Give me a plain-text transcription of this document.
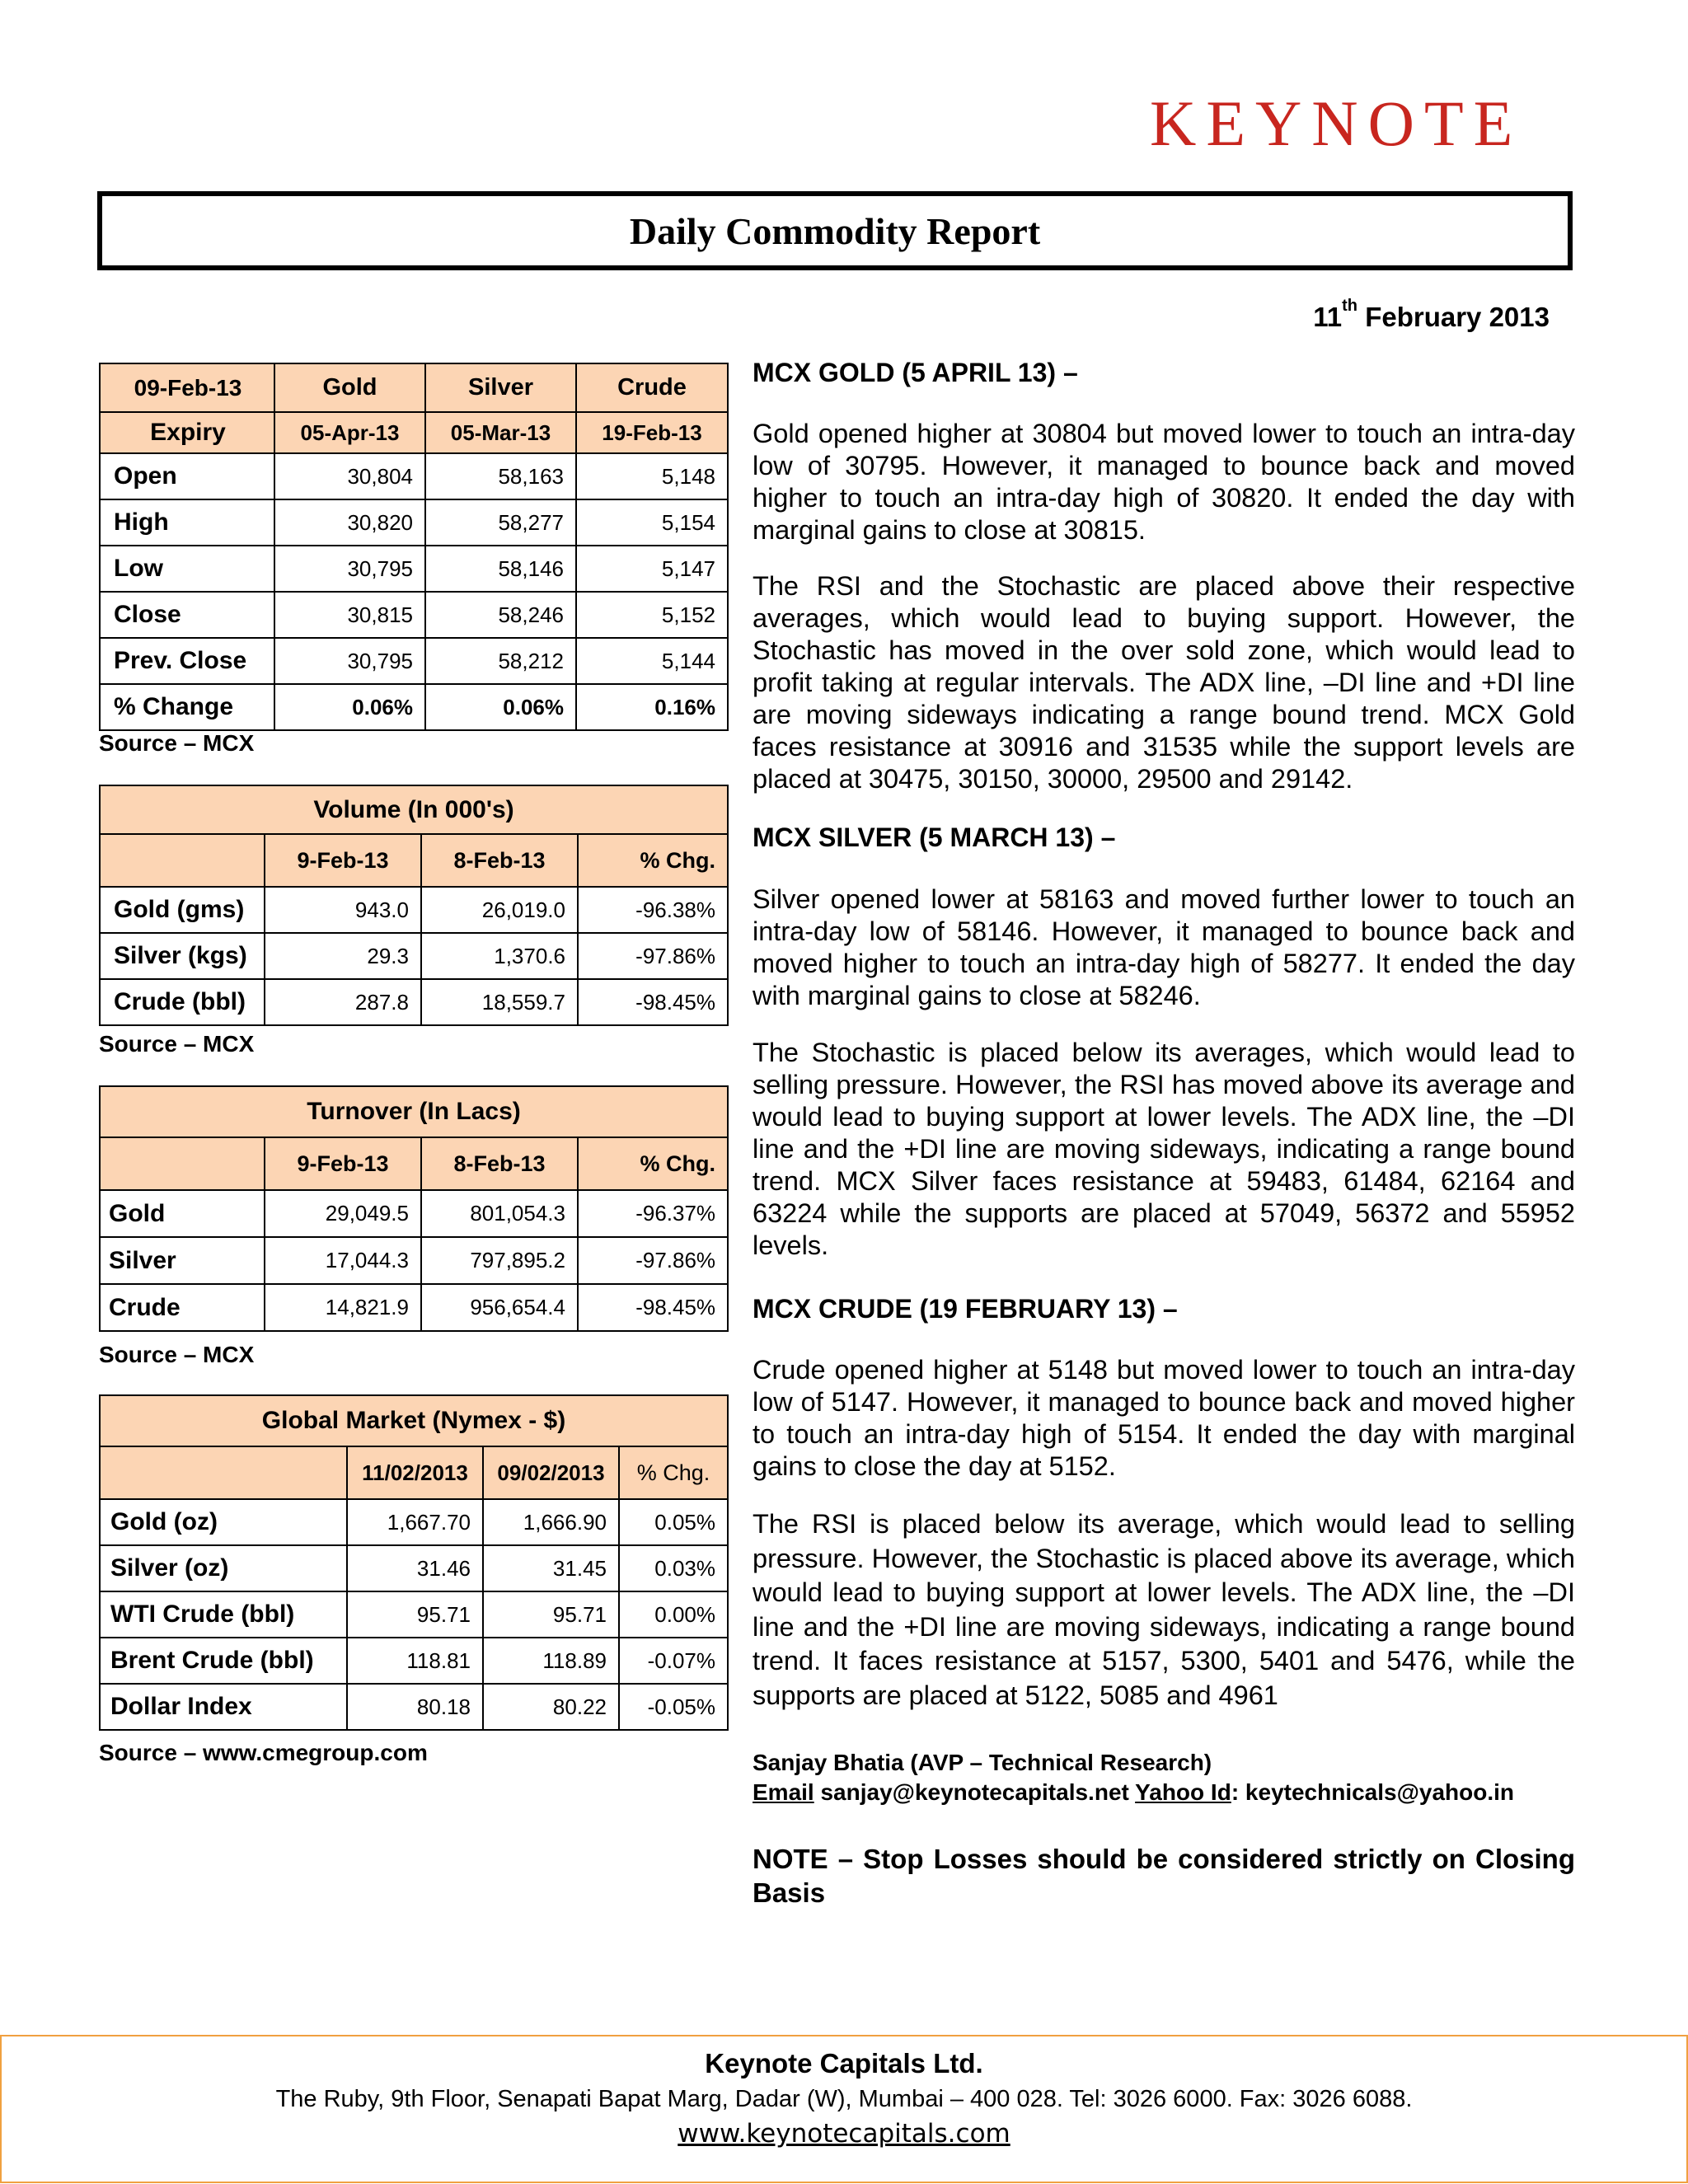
KEYNOTE
Daily Commodity Report
11th February 2013
09-Feb-13	Gold	Silver	Crude
Expiry	05-Apr-13	05-Mar-13	19-Feb-13
Open	30,804	58,163	5,148
High	30,820	58,277	5,154
Low	30,795	58,146	5,147
Close	30,815	58,246	5,152
Prev. Close	30,795	58,212	5,144
% Change	0.06%	0.06%	0.16%
Source – MCX
Volume (In 000's)			
	9-Feb-13	8-Feb-13	% Chg.
Gold (gms)	943.0	26,019.0	-96.38%
Silver (kgs)	29.3	1,370.6	-97.86%
Crude (bbl)	287.8	18,559.7	-98.45%
Source – MCX
Turnover (In Lacs)			
	9-Feb-13	8-Feb-13	% Chg.
Gold	29,049.5	801,054.3	-96.37%
Silver	17,044.3	797,895.2	-97.86%
Crude	14,821.9	956,654.4	-98.45%
Source – MCX
Global Market (Nymex - $)			
	11/02/2013	09/02/2013	% Chg.
Gold (oz)	1,667.70	1,666.90	0.05%
Silver (oz)	31.46	31.45	0.03%
WTI Crude (bbl)	95.71	95.71	0.00%
Brent Crude (bbl)	118.81	118.89	-0.07%
Dollar Index	80.18	80.22	-0.05%
Source – www.cmegroup.com
MCX GOLD (5 APRIL 13) –

Gold opened higher at 30804 but moved lower to touch an intra-day low of 30795. However, it managed to bounce back and moved higher to touch an intra-day high of 30820. It ended the day with marginal gains to close at 30815.

The RSI and the Stochastic are placed above their respective averages, which would lead to buying support. However, the Stochastic has moved in the over sold zone, which would lead to profit taking at regular intervals. The ADX line, –DI line and +DI line are moving sideways indicating a range bound trend. MCX Gold faces resistance at 30916 and 31535 while the support levels are placed at 30475, 30150, 30000, 29500 and 29142.

MCX SILVER (5 MARCH 13) –

Silver opened lower at 58163 and moved further lower to touch an intra-day low of 58146. However, it managed to bounce back and moved higher to touch an intra-day high of 58277. It ended the day with marginal gains to close at 58246.

The Stochastic is placed below its averages, which would lead to selling pressure. However, the RSI has moved above its average and would lead to buying support at lower levels. The ADX line, the –DI line and the +DI line are moving sideways, indicating a range bound trend. MCX Silver faces resistance at 59483, 61484, 62164 and 63224 while the supports are placed at 57049, 56372 and 55952 levels.

MCX CRUDE (19 FEBRUARY 13) –

Crude opened higher at 5148 but moved lower to touch an intra-day low of 5147. However, it managed to bounce back and moved higher to touch an intra-day high of 5154. It ended the day with marginal gains to close the day at 5152.

The RSI is placed below its average, which would lead to selling pressure. However, the Stochastic is placed above its average, which would lead to buying support at lower levels. The ADX line, the –DI line and the +DI line are moving sideways, indicating a range bound trend. It faces resistance at 5157, 5300, 5401 and 5476, while the supports are placed at 5122, 5085 and 4961

Sanjay Bhatia (AVP – Technical Research)
Email sanjay@keynotecapitals.net Yahoo Id: keytechnicals@yahoo.in
NOTE – Stop Losses should be considered strictly on Closing Basis
Keynote Capitals Ltd.
The Ruby, 9th Floor, Senapati Bapat Marg, Dadar (W), Mumbai – 400 028. Tel: 3026 6000. Fax: 3026 6088.
www.keynotecapitals.com
